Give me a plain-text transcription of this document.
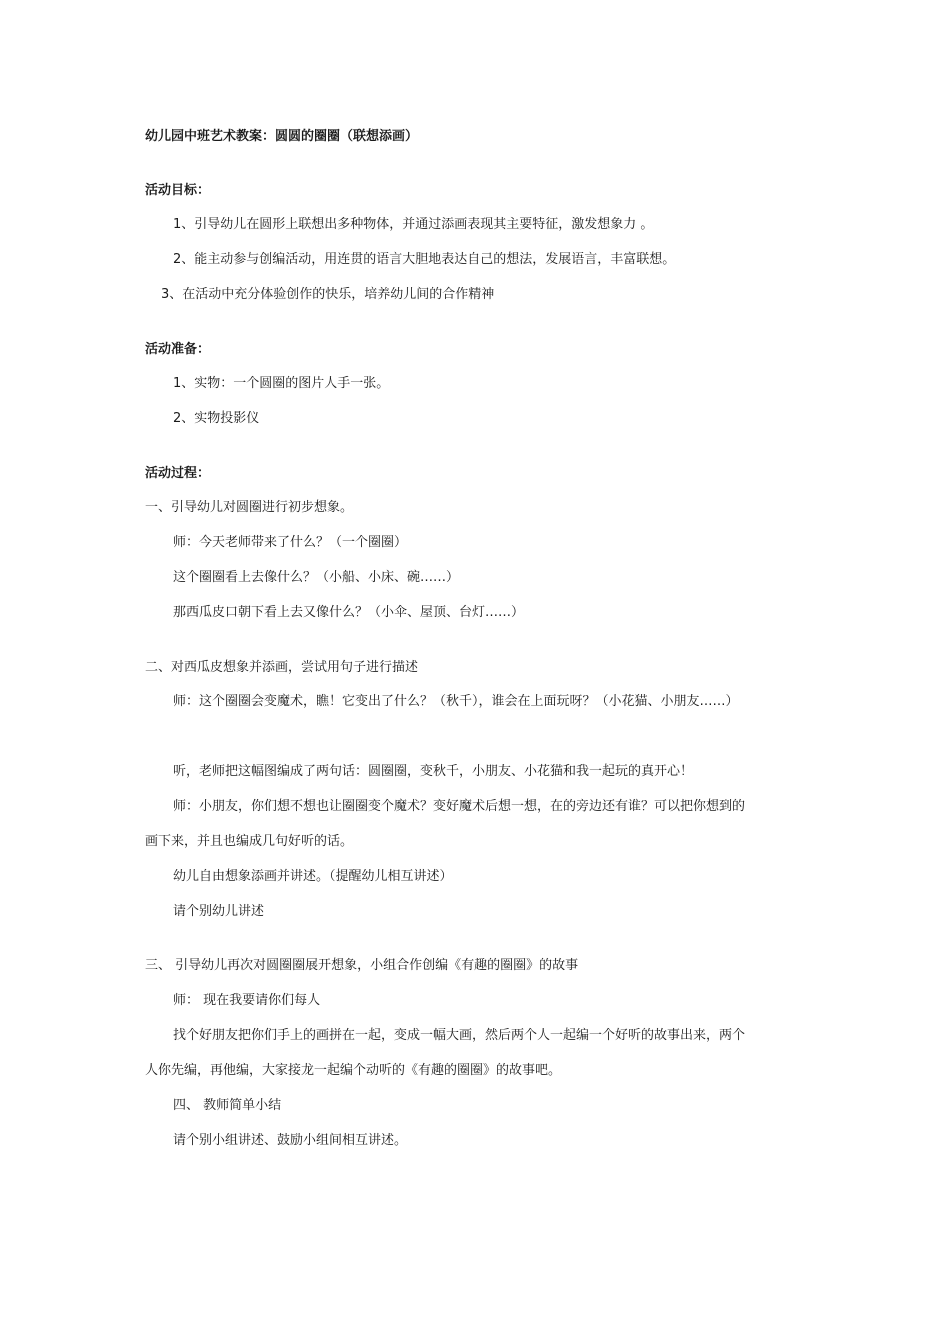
幼儿园中班艺术教案：圆圆的圈圈（联想添画）
活动目标：
1、引导幼儿在圆形上联想出多种物体，并通过添画表现其主要特征，激发想象力 。
2、能主动参与创编活动，用连贯的语言大胆地表达自己的想法，发展语言，丰富联想。
3、在活动中充分体验创作的快乐，培养幼儿间的合作精神
活动准备：
1、实物：一个圆圈的图片人手一张。
2、实物投影仪
活动过程：
一、引导幼儿对圆圈进行初步想象。
师：今天老师带来了什么？（一个圈圈）
这个圈圈看上去像什么？（小船、小床、碗……）
那西瓜皮口朝下看上去又像什么？（小伞、屋顶、台灯……）
二、对西瓜皮想象并添画，尝试用句子进行描述
师：这个圈圈会变魔术，瞧！它变出了什么？（秋千），谁会在上面玩呀？（小花猫、小朋友……）
听，老师把这幅图编成了两句话：圆圈圈，变秋千，小朋友、小花猫和我一起玩的真开心！
师：小朋友，你们想不想也让圈圈变个魔术？变好魔术后想一想，在的旁边还有谁？可以把你想到的
画下来，并且也编成几句好听的话。
幼儿自由想象添画并讲述。（提醒幼儿相互讲述）
请个别幼儿讲述
三、 引导幼儿再次对圆圈圈展开想象，小组合作创编《有趣的圈圈》的故事
师： 现在我要请你们每人
找个好朋友把你们手上的画拼在一起，变成一幅大画，然后两个人一起编一个好听的故事出来，两个
人你先编，再他编，大家接龙一起编个动听的《有趣的圈圈》的故事吧。
四、 教师简单小结
请个别小组讲述、鼓励小组间相互讲述。
